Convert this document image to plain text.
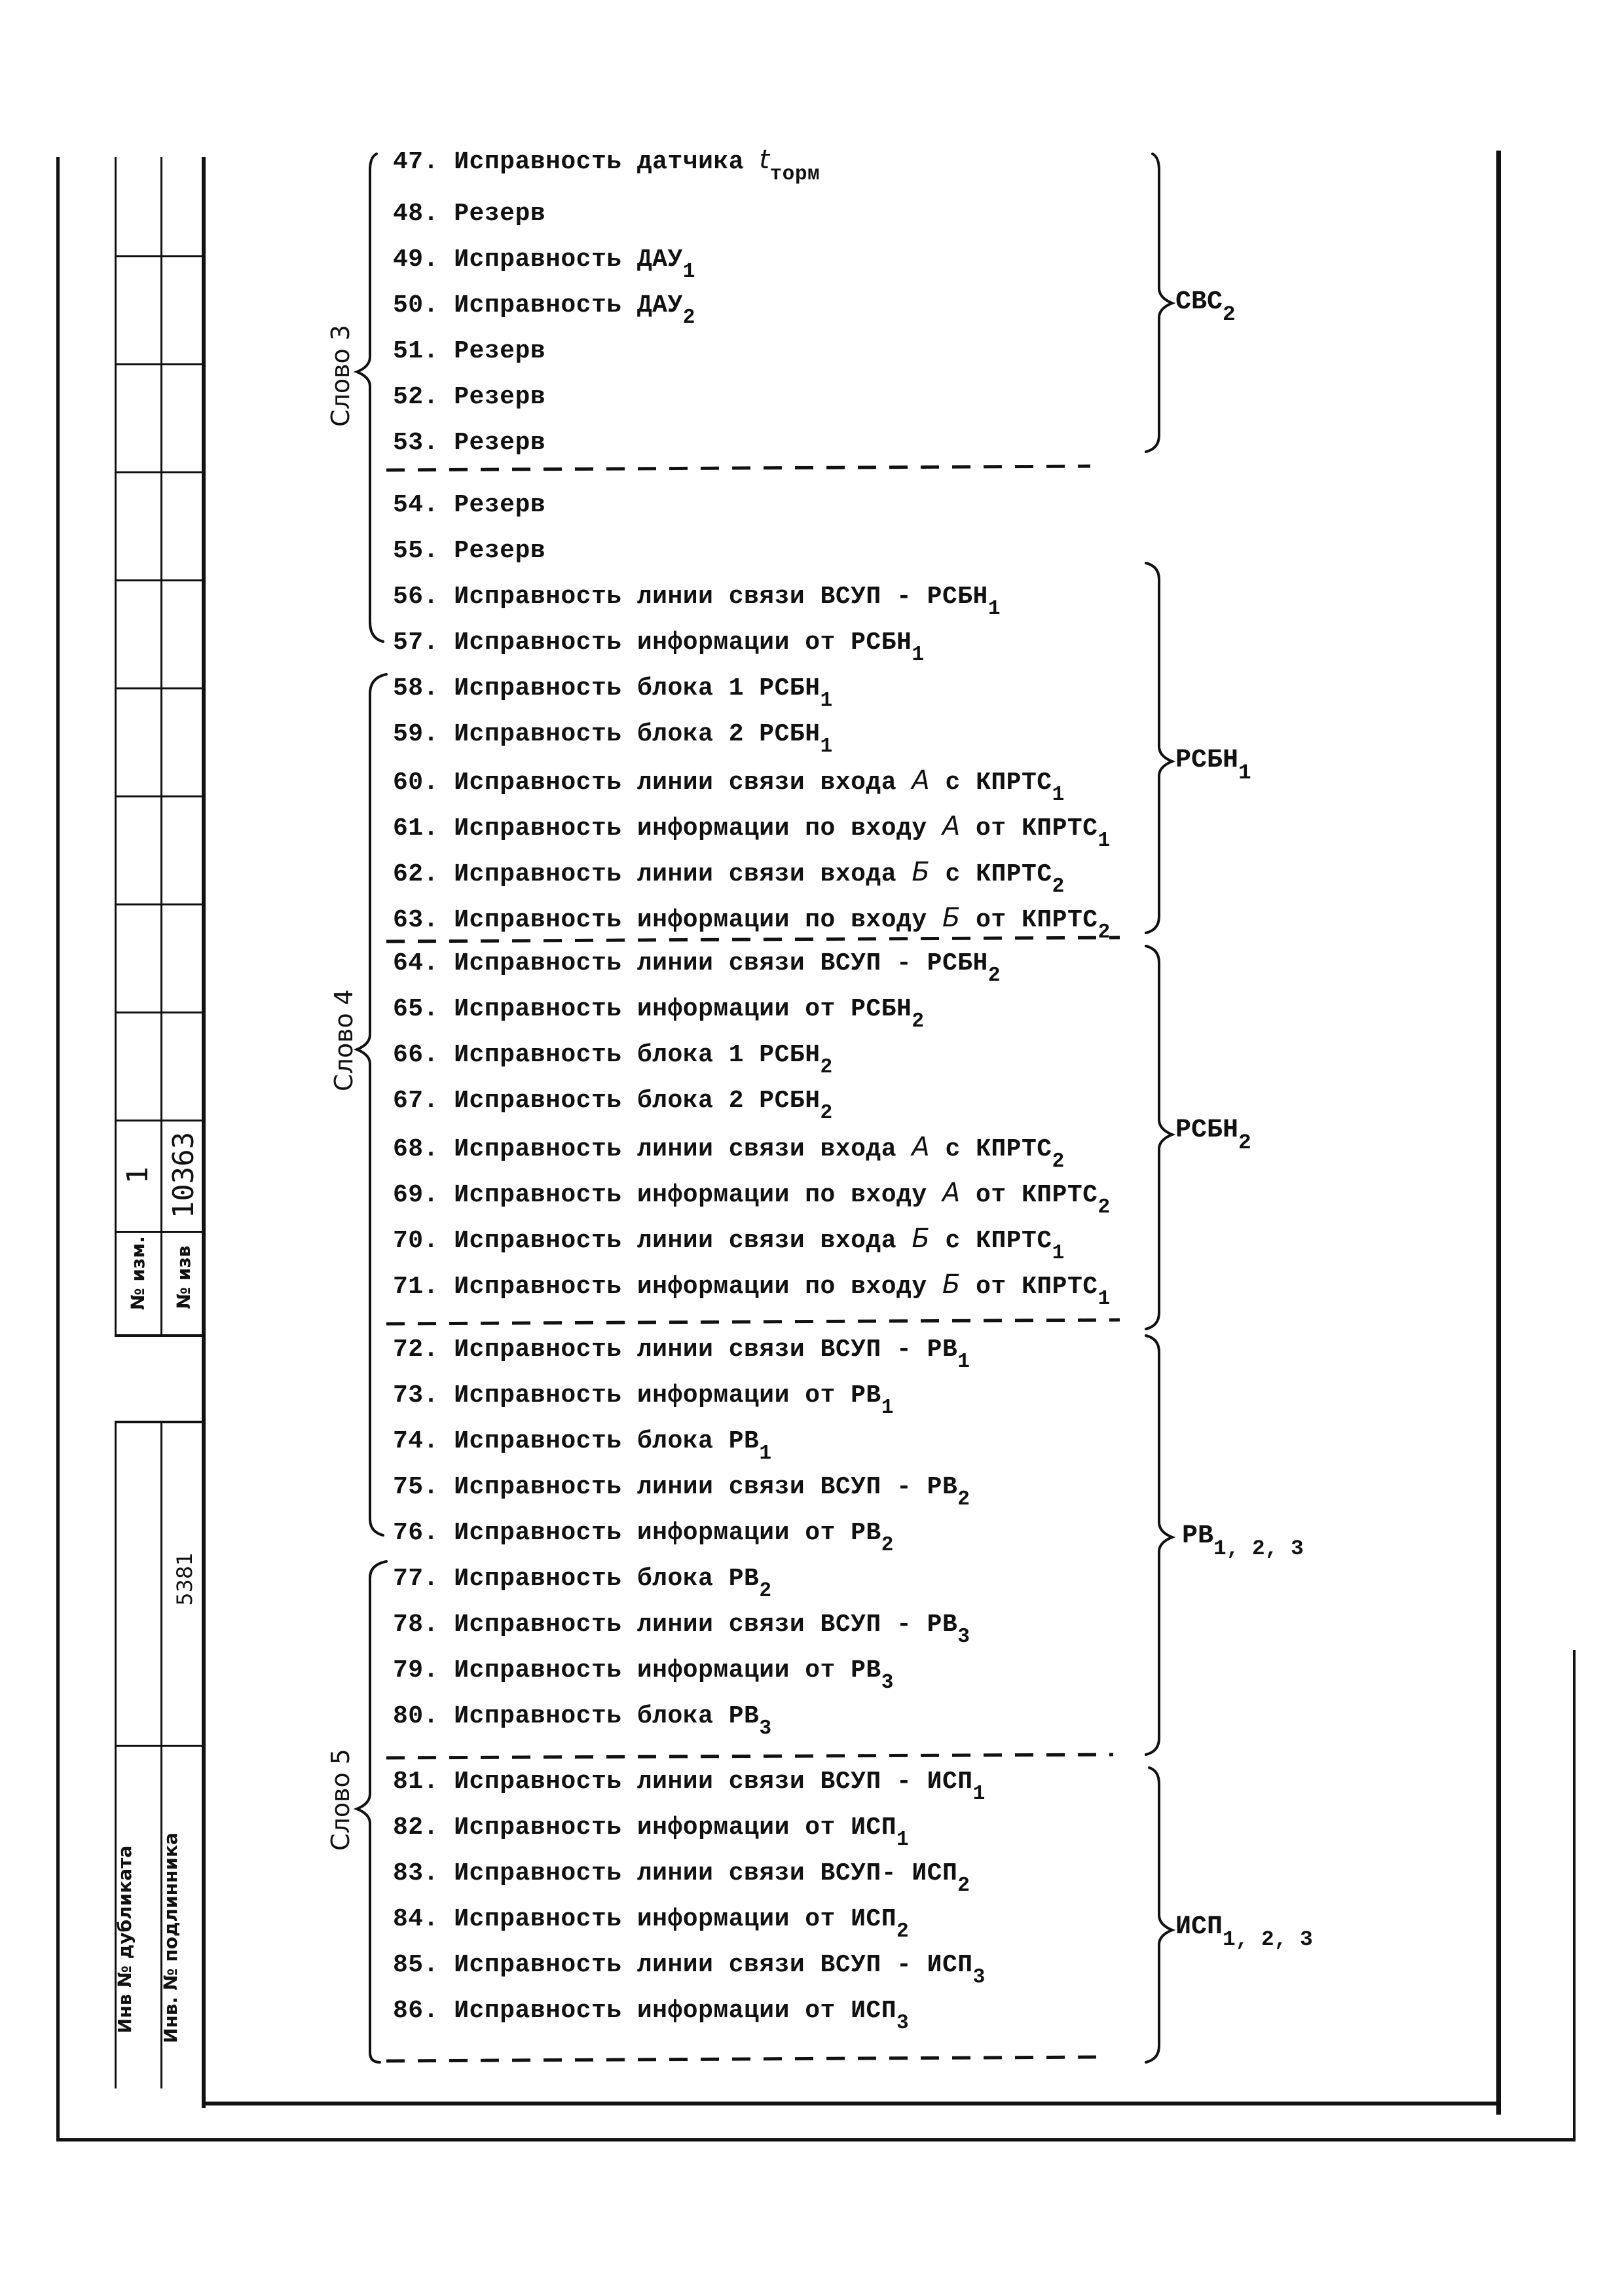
№ изм.
1
№ изв
10363
Инв № дубликата Инв. № подлинника
5381
Слово 3
Слово 4
Слово 5
$СВС_2$
$РСБН_1$
$РСБН_2$
$РВ_{1, 2, 3}$
$ИСП_{1, 2, 3}$
47. Исправность датчика $t_{торм}$
48. Резерв
49. Исправность $ДАУ_1$
50. Исправность $ДАУ_2$
51. Резерв
52. Резерв
53. Резерв
54. Резерв
55. Резерв
56. Исправность линии связи ВСУП - $РСБН_1$
57. Исправность информации от $РСБН_1$
58. Исправность блока 1 $РСБН_1$
59. Исправность блока 2 $РСБН_1$
60. Исправность линии связи входа А с $КПРТС_1$
61. Исправность информации по входу А от $КПРТС_1$
62. Исправность линии связи входа Б с $КПРТС_2$
63. Исправность информации по входу Б от $КПРТС_2$
64. Исправность линии связи ВСУП - $РСБН_2$
65. Исправность информации от $РСБН_2$
66. Исправность блока 1 $РСБН_2$
67. Исправность блока 2 $РСБН_2$
68. Исправность линии связи входа А с $КПРТС_2$
69. Исправность информации по входу А от $КПРТС_2$
70. Исправность линии связи входа Б с $КПРТС_1$
71. Исправность информации по входу Б от $КПРТС_1$
72. Исправность линии связи ВСУП - $РВ_1$
73. Исправность информации от $РВ_1$
74. Исправность блока $РВ_1$
75. Исправность линии связи ВСУП - $РВ_2$
76. Исправность информации от $РВ_2$
77. Исправность блока $РВ_2$
78. Исправность линии связи ВСУП - $РВ_3$
79. Исправность информации от $РВ_3$
80. Исправность блока $РВ_3$
81. Исправность линии связи ВСУП - $ИСП_1$
82. Исправность информации от $ИСП_1$
83. Исправность линии связи ВСУП- $ИСП_2$
84. Исправность информации от $ИСП_2$
85. Исправность линии связи ВСУП - $ИСП_3$
86. Исправность информации от $ИСП_3$
